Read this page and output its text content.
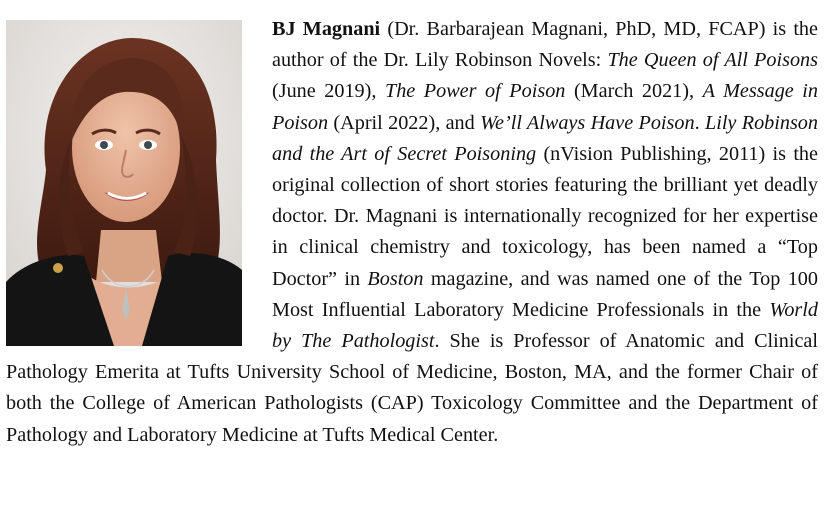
BJ Magnani (Dr. Barbarajean Magnani, PhD, MD, FCAP) is the author of the Dr. Lily Robinson Novels: The Queen of All Poisons (June 2019), The Power of Poison (March 2021), A Message in Poison (April 2022), and We’ll Always Have Poison. Lily Robinson and the Art of Secret Poisoning (nVision Publishing, 2011) is the original collection of short stories featuring the brilliant yet deadly doctor. Dr. Magnani is internationally recognized for her expertise in clinical chemistry and toxicology, has been named a “Top Doctor” in Boston magazine, and was named one of the Top 100 Most Influential Laboratory Medicine Professionals in the World by The Pathologist. She is Professor of Anatomic and Clinical Pathology Emerita at Tufts University School of Medicine, Boston, MA, and the former Chair of both the College of American Pathologists (CAP) Toxicology Committee and the Department of Pathology and Laboratory Medicine at Tufts Medical Center.
